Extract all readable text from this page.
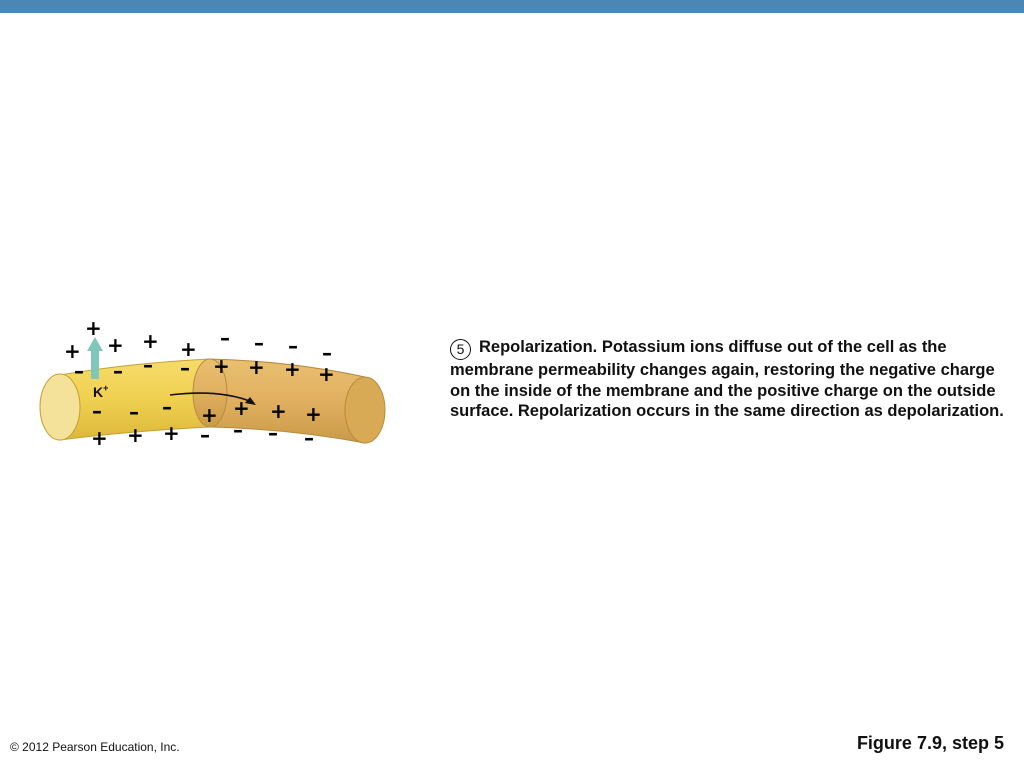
K+
+
+ + + + – – – –
– – – – + + + +
– – – + + + +
+ + + – – – –
5 Repolarization. Potassium ions diffuse out of the cell as the membrane permeability changes again, restoring the negative charge on the inside of the membrane and the positive charge on the outside surface. Repolarization occurs in the same direction as depolarization.
© 2012 Pearson Education, Inc.	Figure 7.9, step 5
